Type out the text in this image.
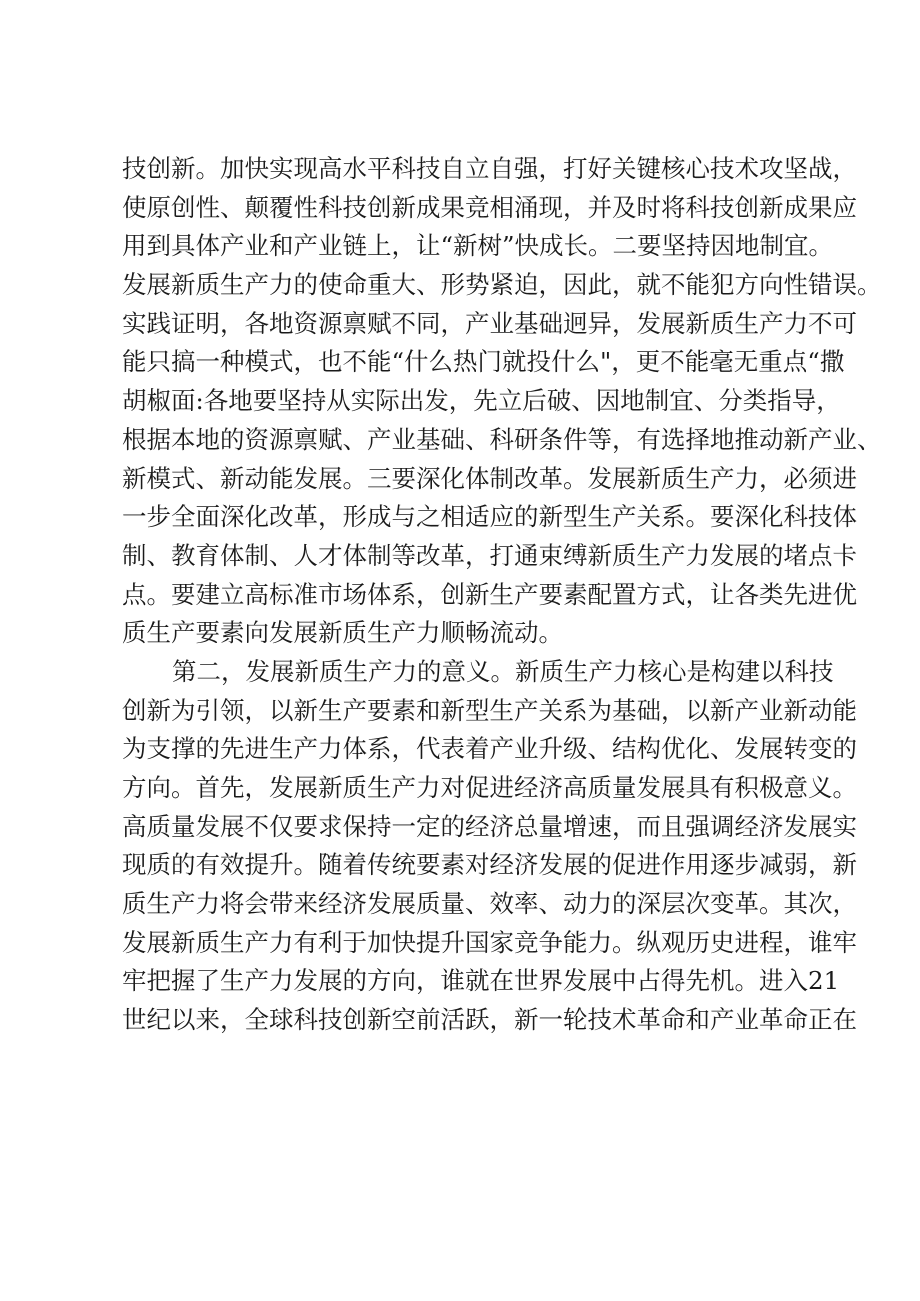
技创新。加快实现高水平科技自立自强，打好关键核心技术攻坚战，
使原创性、颠覆性科技创新成果竞相涌现，并及时将科技创新成果应
用到具体产业和产业链上，让“新树”快成长。二要坚持因地制宜。
发展新质生产力的使命重大、形势紧迫，因此，就不能犯方向性错误。
实践证明，各地资源禀赋不同，产业基础迥异，发展新质生产力不可
能只搞一种模式，也不能“什么热门就投什么"，更不能毫无重点“撒
胡椒面:各地要坚持从实际出发，先立后破、因地制宜、分类指导，
根据本地的资源禀赋、产业基础、科研条件等，有选择地推动新产业、
新模式、新动能发展。三要深化体制改革。发展新质生产力，必须进
一步全面深化改革，形成与之相适应的新型生产关系。要深化科技体
制、教育体制、人才体制等改革，打通束缚新质生产力发展的堵点卡
点。要建立高标准市场体系，创新生产要素配置方式，让各类先进优
质生产要素向发展新质生产力顺畅流动。
第二，发展新质生产力的意义。新质生产力核心是构建以科技
创新为引领，以新生产要素和新型生产关系为基础，以新产业新动能
为支撑的先进生产力体系，代表着产业升级、结构优化、发展转变的
方向。首先，发展新质生产力对促进经济高质量发展具有积极意义。
高质量发展不仅要求保持一定的经济总量增速，而且强调经济发展实
现质的有效提升。随着传统要素对经济发展的促进作用逐步减弱，新
质生产力将会带来经济发展质量、效率、动力的深层次变革。其次，
发展新质生产力有利于加快提升国家竞争能力。纵观历史进程，谁牢
牢把握了生产力发展的方向，谁就在世界发展中占得先机。进入21
世纪以来，全球科技创新空前活跃，新一轮技术革命和产业革命正在
